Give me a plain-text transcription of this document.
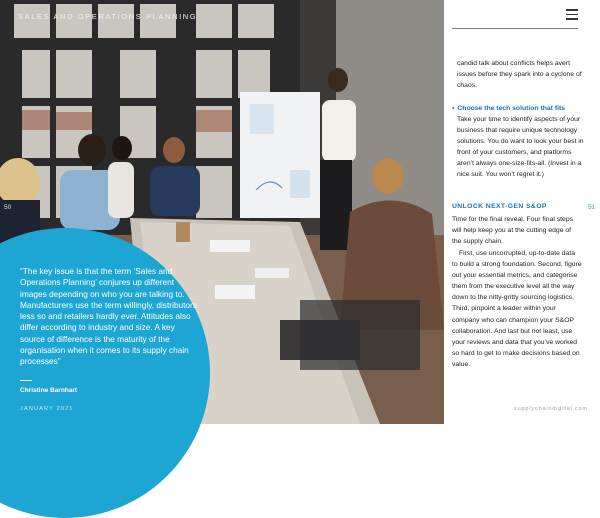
SALES AND OPERATIONS PLANNING
50
“The key issue is that the term ‘Sales and Operations Planning’ conjures up different images depending on who you are talking to. Manufacturers use the term willingly, distributors less so and retailers hardly ever. Attitudes also differ according to industry and size. A key source of difference is the maturity of the organisation when it comes to its supply chain processes”
Christine Barnhart
JANUARY 2021

candid talk about conflicts helps avert issues before they spark into a cyclone of chaos.

• Choose the tech solution that fits

Take your time to identify aspects of your business that require unique technology solutions. You do want to look your best in front of your customers, and platforms aren’t always one-size-fits-all. (Invest in a nice suit. You won’t regret it.)

UNLOCK NEXT-GEN S&OP

Time for the final reveal. Four final steps will help keep you at the cutting edge of the supply chain.

First, use uncorrupted, up-to-date data to build a strong foundation. Second, figure out your essential metrics, and categorise them from the executive level all the way down to the nitty-gritty sourcing logistics. Third, pinpoint a leader within your company who can champion your S&OP collaboration. And last but not least, use your reviews and data that you’ve worked so hard to get to make decisions based on value.

51
supplychaindigital.com
